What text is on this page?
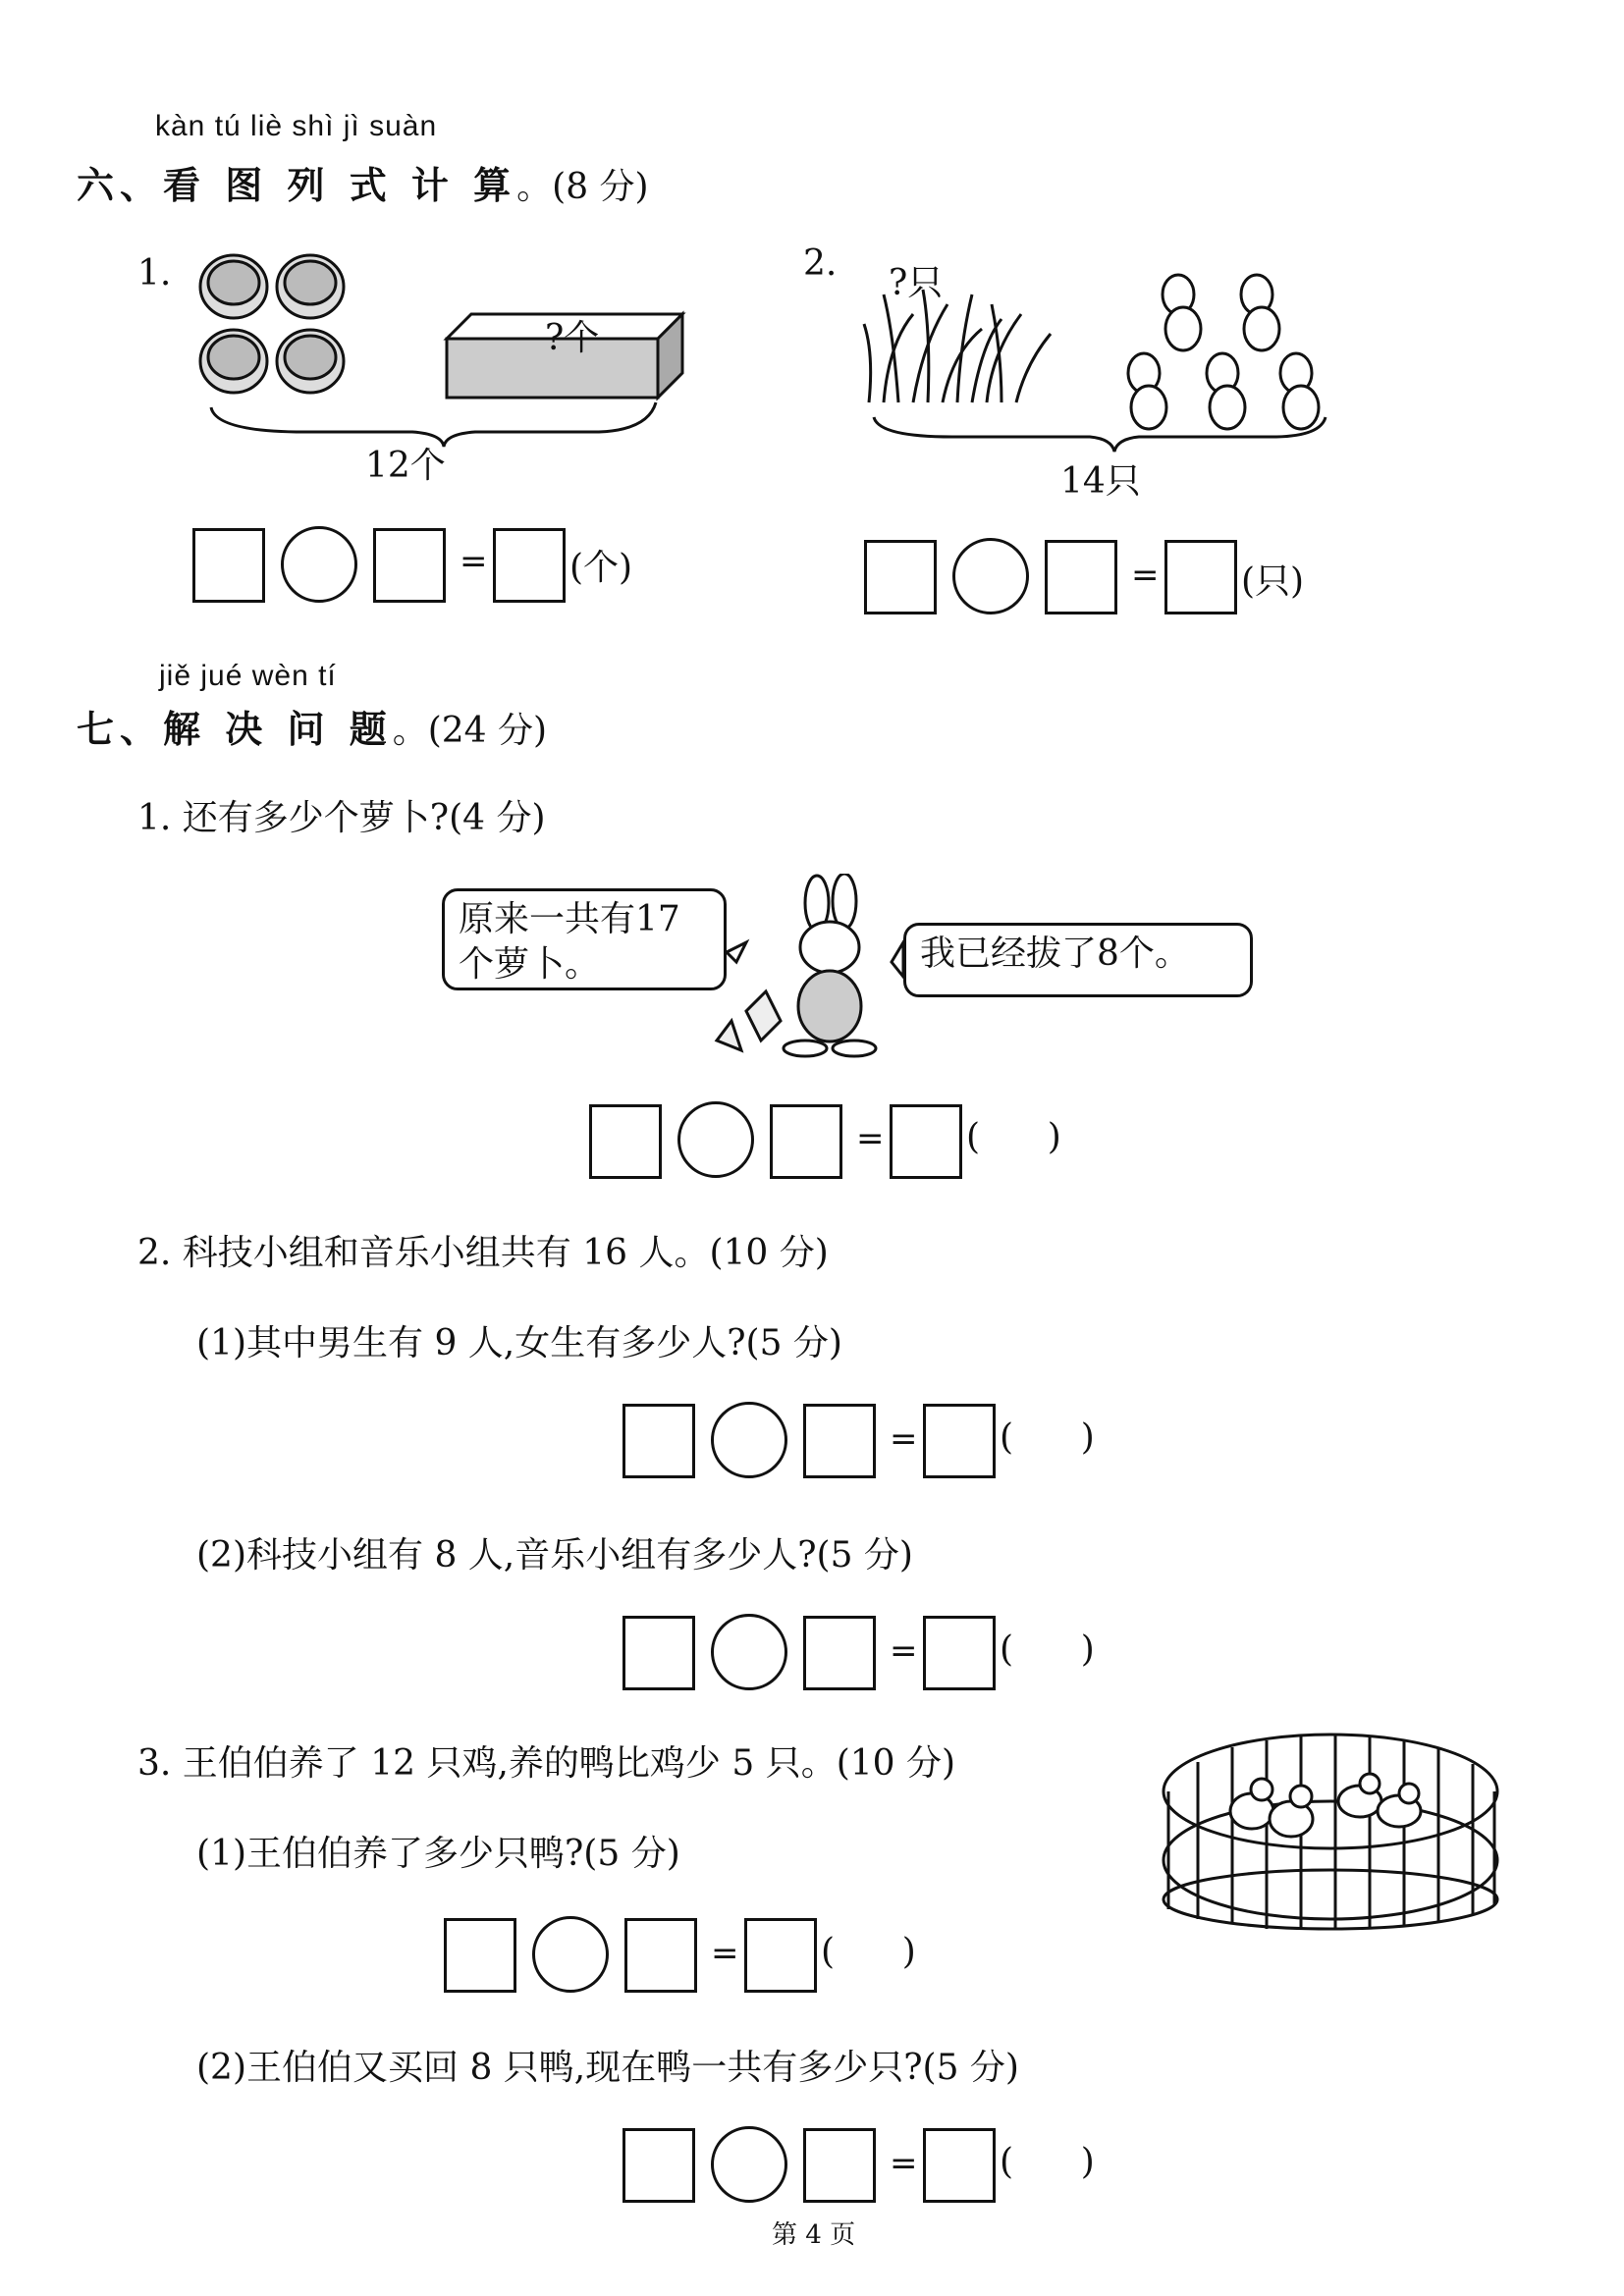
kàn tú liè shì jì suàn
六、看 图 列 式 计 算。(8 分)
1.
?个
12个
= (个)
2. ?只
14只
= (只)
jiě jué wèn tí
七、解 决 问 题。(24 分)
1. 还有多少个萝卜?(4 分)
原来一共有17
个萝卜。	我已经拔了8个。
= (      )
2. 科技小组和音乐小组共有 16 人。(10 分)
(1)其中男生有 9 人,女生有多少人?(5 分)
= (      )
(2)科技小组有 8 人,音乐小组有多少人?(5 分)
= (      )
3. 王伯伯养了 12 只鸡,养的鸭比鸡少 5 只。(10 分)
(1)王伯伯养了多少只鸭?(5 分)
= (      )
(2)王伯伯又买回 8 只鸭,现在鸭一共有多少只?(5 分)
= (      )
第 4 页
